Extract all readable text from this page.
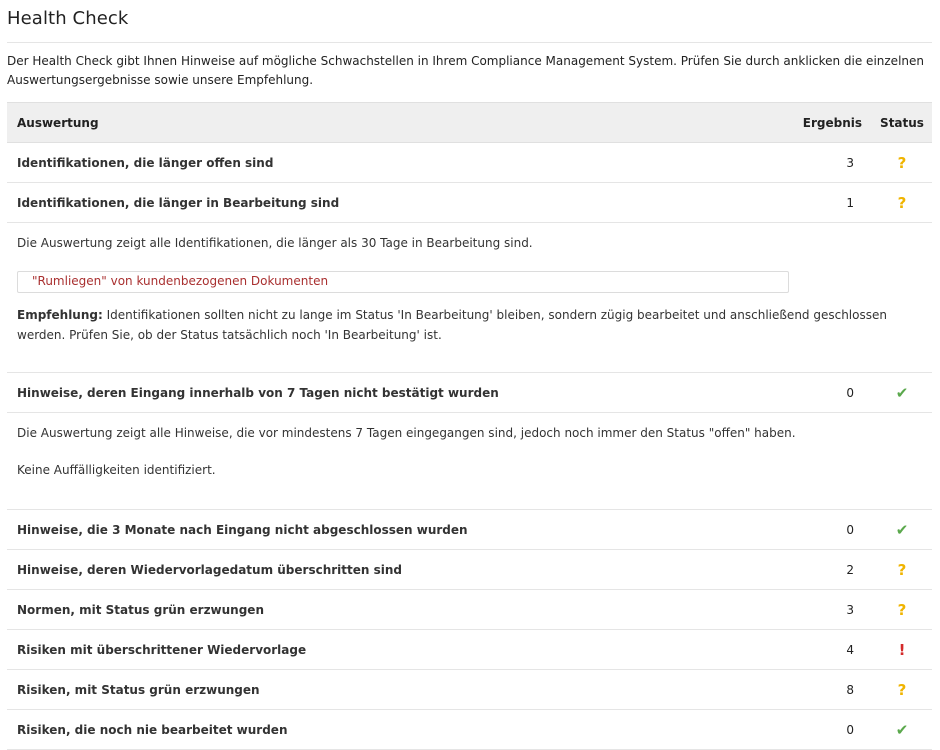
Health Check

Der Health Check gibt Ihnen Hinweise auf mögliche Schwachstellen in Ihrem Compliance Management System. Prüfen Sie durch anklicken die einzelnen Auswertungsergebnisse sowie unsere Empfehlung.

Auswertung	Ergebnis	Status
Identifikationen, die länger offen sind	3	?
Identifikationen, die länger in Bearbeitung sind	1	?

Die Auswertung zeigt alle Identifikationen, die länger als 30 Tage in Bearbeitung sind.

"Rumliegen" von kundenbezogenen Dokumenten

Empfehlung: Identifikationen sollten nicht zu lange im Status 'In Bearbeitung' bleiben, sondern zügig bearbeitet und anschließend geschlossen werden. Prüfen Sie, ob der Status tatsächlich noch 'In Bearbeitung' ist.		

Hinweise, deren Eingang innerhalb von 7 Tagen nicht bestätigt wurden	0	✔

Die Auswertung zeigt alle Hinweise, die vor mindestens 7 Tagen eingegangen sind, jedoch noch immer den Status "offen" haben.

Keine Auffälligkeiten identifiziert.		

Hinweise, die 3 Monate nach Eingang nicht abgeschlossen wurden	0	✔
Hinweise, deren Wiedervorlagedatum überschritten sind	2	?
Normen, mit Status grün erzwungen	3	?
Risiken mit überschrittener Wiedervorlage	4	!
Risiken, mit Status grün erzwungen	8	?
Risiken, die noch nie bearbeitet wurden	0	✔
